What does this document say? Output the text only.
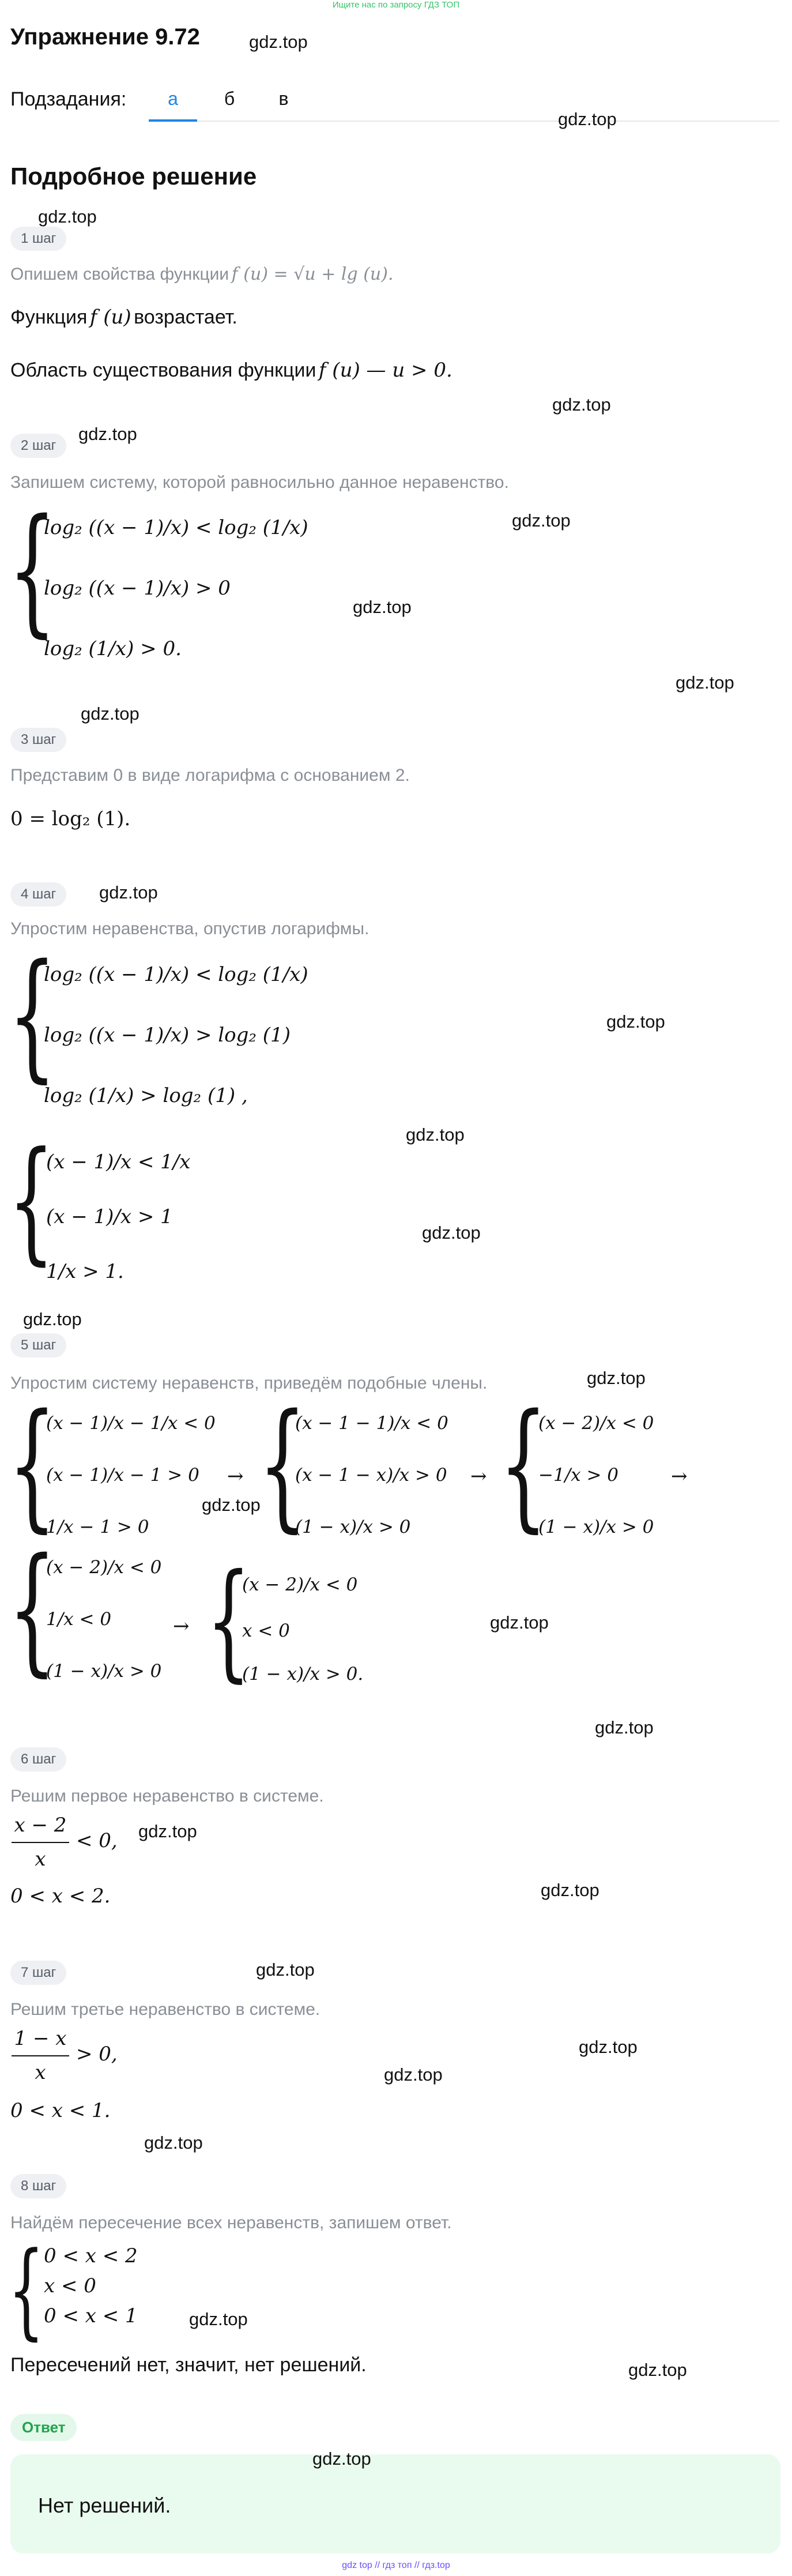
Ищите нас по запросу ГДЗ ТОП
Упражнение 9.72	gdz.top
Подзадания:	а	б	в
gdz.top
Подробное решение
gdz.top
1 шаг
Опишем свойства функции f (u) = √u + lg (u).
Функция f (u) возрастает.
Область существования функции f (u) — u > 0.
gdz.top
2 шаг
gdz.top
Запишем систему, которой равносильно данное неравенство.
{
log₂ ((x − 1)/x) < log₂ (1/x)
log₂ ((x − 1)/x) > 0
log₂ (1/x) > 0.
gdz.top
gdz.top
gdz.top
gdz.top
3 шаг
Представим 0 в виде логарифма с основанием 2.
0 = log₂ (1).
4 шаг	gdz.top
Упростим неравенства, опустив логарифмы.
{
log₂ ((x − 1)/x) < log₂ (1/x)
log₂ ((x − 1)/x) > log₂ (1)
log₂ (1/x) > log₂ (1) ,
gdz.top
gdz.top
{
(x − 1)/x < 1/x
(x − 1)/x > 1
1/x > 1.
gdz.top
gdz.top
5 шаг
Упростим систему неравенств, приведём подобные члены.	gdz.top
{
(x − 1)/x − 1/x < 0
(x − 1)/x − 1 > 0
1/x − 1 > 0
→
gdz.top
{
(x − 1 − 1)/x < 0
(x − 1 − x)/x > 0
(1 − x)/x > 0
→ {
(x − 2)/x < 0
−1/x > 0
(1 − x)/x > 0
→
{
(x − 2)/x < 0
1/x < 0
(1 − x)/x > 0
→ {
(x − 2)/x < 0
x < 0
(1 − x)/x > 0.
gdz.top
gdz.top
6 шаг
Решим первое неравенство в системе.
x − 2
x
< 0, gdz.top
0 < x < 2.	gdz.top
gdz.top
7 шаг
Решим третье неравенство в системе.
1 − x
x
> 0,	gdz.top
gdz.top
0 < x < 1.
gdz.top
8 шаг
Найдём пересечение всех неравенств, запишем ответ.
{ 0 < x < 2
x < 0
0 < x < 1	gdz.top
Пересечений нет, значит, нет решений.	gdz.top
Ответ
gdz.top
Нет решений.
gdz top // гдз топ // гдз.top
